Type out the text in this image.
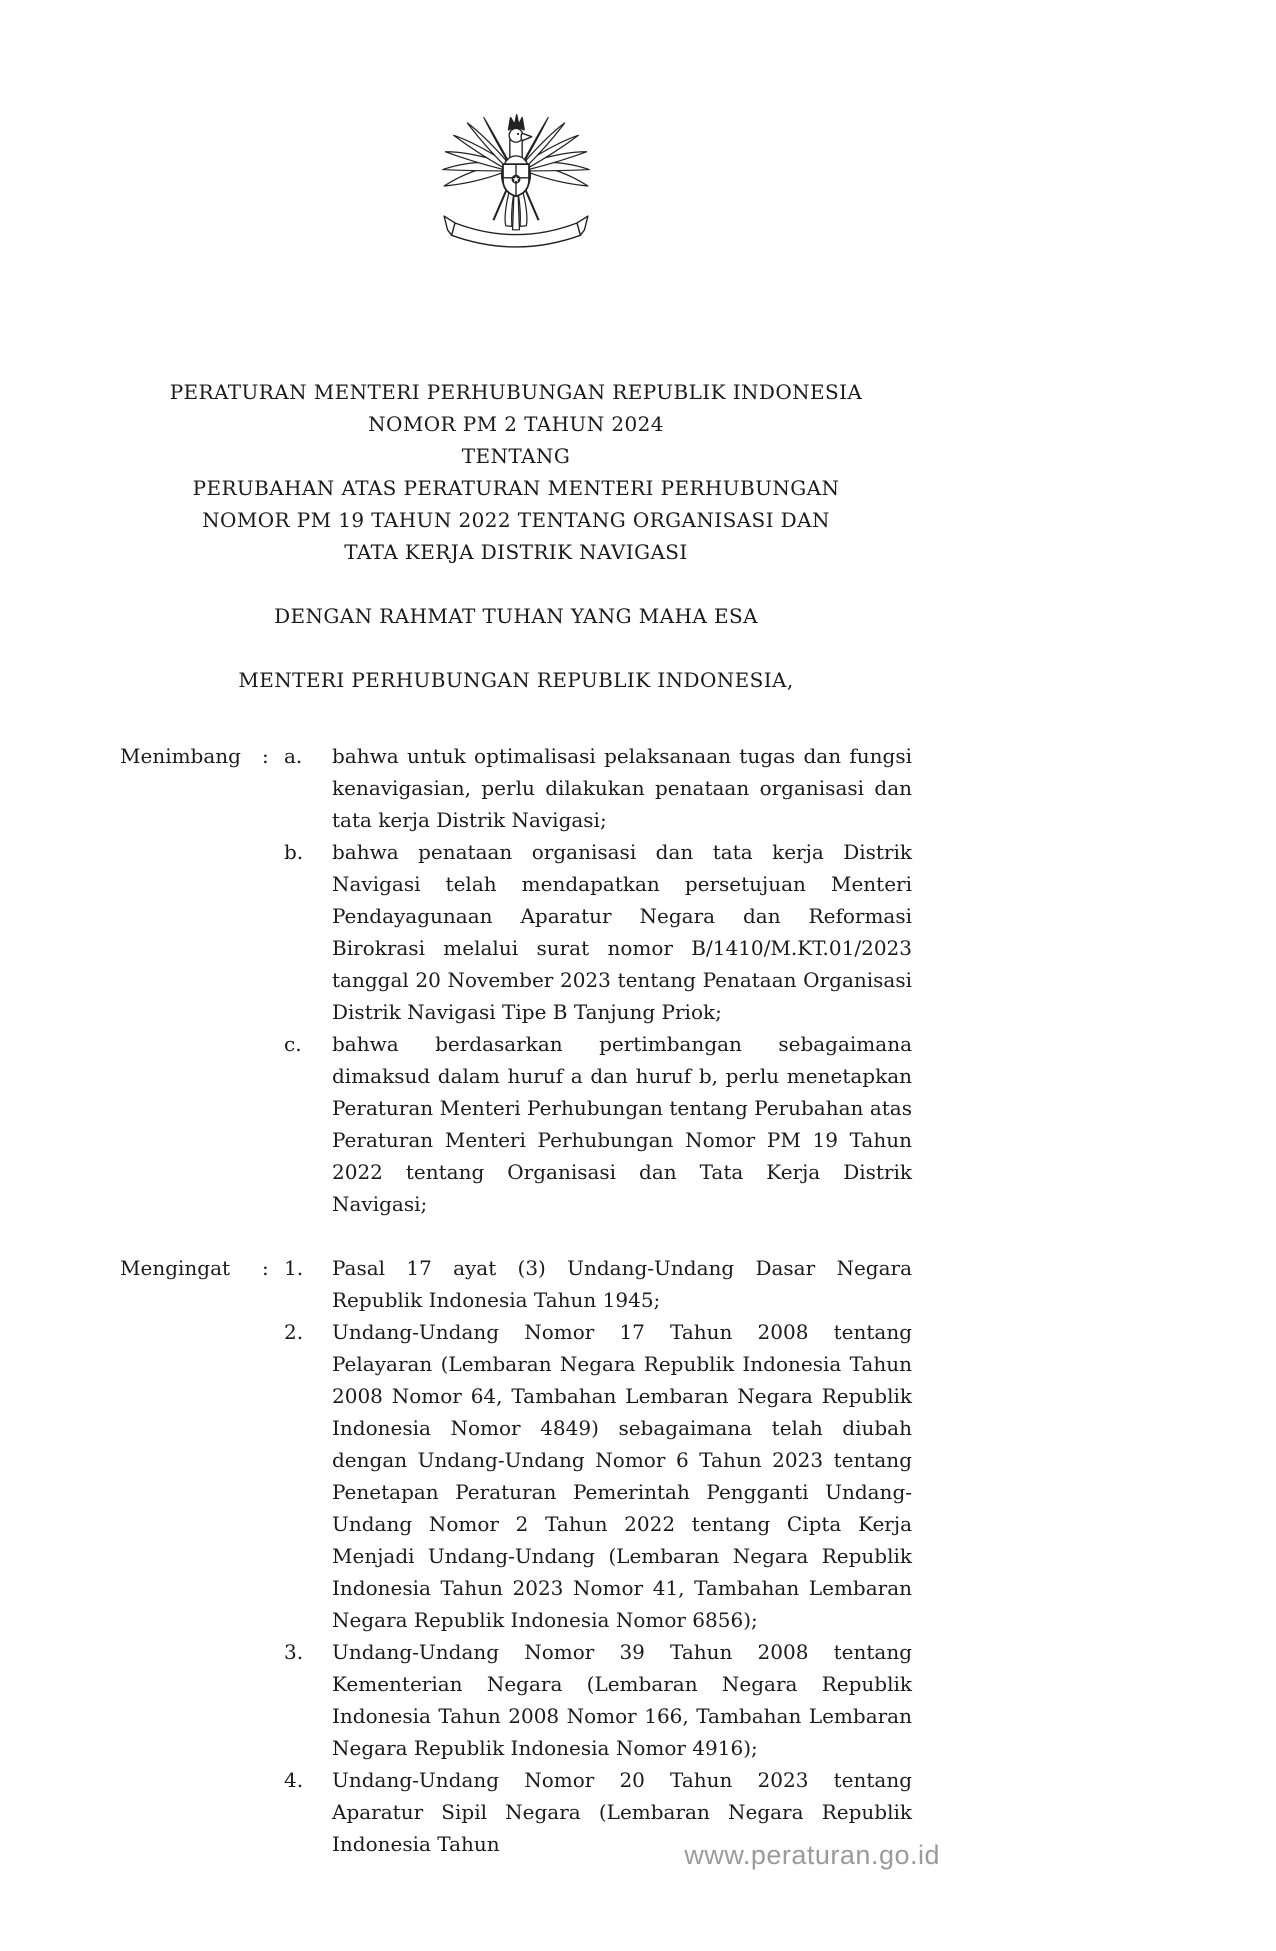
PERATURAN MENTERI PERHUBUNGAN REPUBLIK INDONESIA
NOMOR PM 2 TAHUN 2024
TENTANG
PERUBAHAN ATAS PERATURAN MENTERI PERHUBUNGAN
NOMOR PM 19 TAHUN 2022 TENTANG ORGANISASI DAN
TATA KERJA DISTRIK NAVIGASI
DENGAN RAHMAT TUHAN YANG MAHA ESA
MENTERI PERHUBUNGAN REPUBLIK INDONESIA,
Menimbang	: a.	bahwa untuk optimalisasi pelaksanaan tugas dan fungsi kenavigasian, perlu dilakukan penataan organisasi dan tata kerja Distrik Navigasi;
b.	bahwa penataan organisasi dan tata kerja Distrik Navigasi telah mendapatkan persetujuan Menteri Pendayagunaan Aparatur Negara dan Reformasi Birokrasi melalui surat nomor B/1410/M.KT.01/2023 tanggal 20 November 2023 tentang Penataan Organisasi Distrik Navigasi Tipe B Tanjung Priok;
c.	bahwa berdasarkan pertimbangan sebagaimana dimaksud dalam huruf a dan huruf b, perlu menetapkan Peraturan Menteri Perhubungan tentang Perubahan atas Peraturan Menteri Perhubungan Nomor PM 19 Tahun 2022 tentang Organisasi dan Tata Kerja Distrik Navigasi;
Mengingat	: 1.	Pasal 17 ayat (3) Undang-Undang Dasar Negara Republik Indonesia Tahun 1945;
2.	Undang-Undang Nomor 17 Tahun 2008 tentang Pelayaran (Lembaran Negara Republik Indonesia Tahun 2008 Nomor 64, Tambahan Lembaran Negara Republik Indonesia Nomor 4849) sebagaimana telah diubah dengan Undang-Undang Nomor 6 Tahun 2023 tentang Penetapan Peraturan Pemerintah Pengganti Undang-Undang Nomor 2 Tahun 2022 tentang Cipta Kerja Menjadi Undang-Undang (Lembaran Negara Republik Indonesia Tahun 2023 Nomor 41, Tambahan Lembaran Negara Republik Indonesia Nomor 6856);
3.	Undang-Undang Nomor 39 Tahun 2008 tentang Kementerian Negara (Lembaran Negara Republik Indonesia Tahun 2008 Nomor 166, Tambahan Lembaran Negara Republik Indonesia Nomor 4916);
4.	Undang-Undang Nomor 20 Tahun 2023 tentang Aparatur Sipil Negara (Lembaran Negara Republik Indonesia Tahun	www.peraturan.go.id
